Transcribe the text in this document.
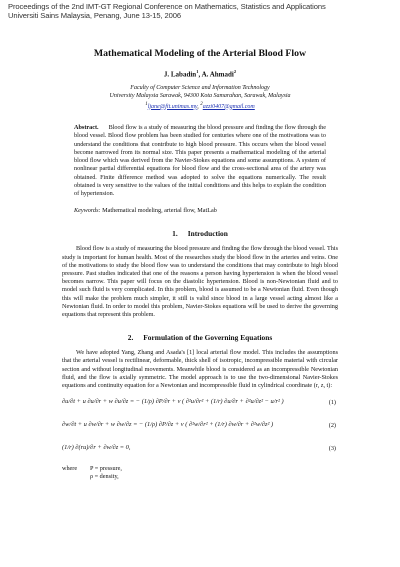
Proceedings of the 2nd IMT-GT Regional Conference on Mathematics, Statistics and Applications
Universiti Sains Malaysia, Penang, June 13-15, 2006
Mathematical Modeling of the Arterial Blood Flow
J. Labadin$^1$, A. Ahmadi$^2$
Faculty of Computer Science and Information Technology
University Malaysia Sarawak, 94300 Kota Samarahan, Sarawak, Malaysia
$^1$ljane@fit.unimas.my, $^2$azzi0407@gmail.com
Abstract. Blood flow is a study of measuring the blood pressure and finding the flow through the blood vessel. Blood flow problem has been studied for centuries where one of the motivations was to understand the conditions that contribute to high blood pressure. This occurs when the blood vessel become narrowed from its normal size. This paper presents a mathematical modeling of the arterial blood flow which was derived from the Navier-Stokes equations and some assumptions. A system of nonlinear partial differential equations for blood flow and the cross-sectional area of the artery was obtained. Finite difference method was adopted to solve the equations numerically. The result obtained is very sensitive to the values of the initial conditions and this helps to explain the condition of hypertension.
Keywords: Mathematical modeling, arterial flow, MatLab
1. Introduction
Blood flow is a study of measuring the blood pressure and finding the flow through the blood vessel. This study is important for human health. Most of the researches study the blood flow in the arteries and veins. One of the motivations to study the blood flow was to understand the conditions that may contribute to high blood pressure. Past studies indicated that one of the reasons a person having hypertension is when the blood vessel becomes narrow. This paper will focus on the diastolic hypertension. Blood is non-Newtonian fluid and to model such fluid is very complicated. In this problem, blood is assumed to be a Newtonian fluid. Even though this will make the problem much simpler, it still is valid since blood in a large vessel acting almost like a Newtonian fluid. In order to model this problem, Navier-Stokes equations will be used to derive the governing equations that represent this problem.
2. Formulation of the Governing Equations
We have adopted Yang, Zhang and Asada's [1] local arterial flow model. This includes the assumptions that the arterial vessel is rectilinear, deformable, thick shell of isotropic, incompressible material with circular section and without longitudinal movements. Meanwhile blood is considered as an incompressible Newtonian fluid, and the flow is axially symmetric. The model approach is to use the two-dimensional Navier-Stokes equations and continuity equation for a Newtonian and incompressible fluid in cylindrical coordinate (r, z, t):
∂u/∂t + u ∂u/∂r + w ∂u/∂z = − (1/ρ) ∂P/∂r + ν ( ∂²u/∂r² + (1/r) ∂u/∂r + ∂²u/∂z² − u/r² )	(1)
∂w/∂t + u ∂w/∂r + w ∂w/∂z = − (1/ρ) ∂P/∂z + ν ( ∂²w/∂r² + (1/r) ∂w/∂r + ∂²w/∂z² )	(2)
(1/r) ∂(ru)/∂r + ∂w/∂z = 0,	(3)
where P = pressure,
ρ = density,
